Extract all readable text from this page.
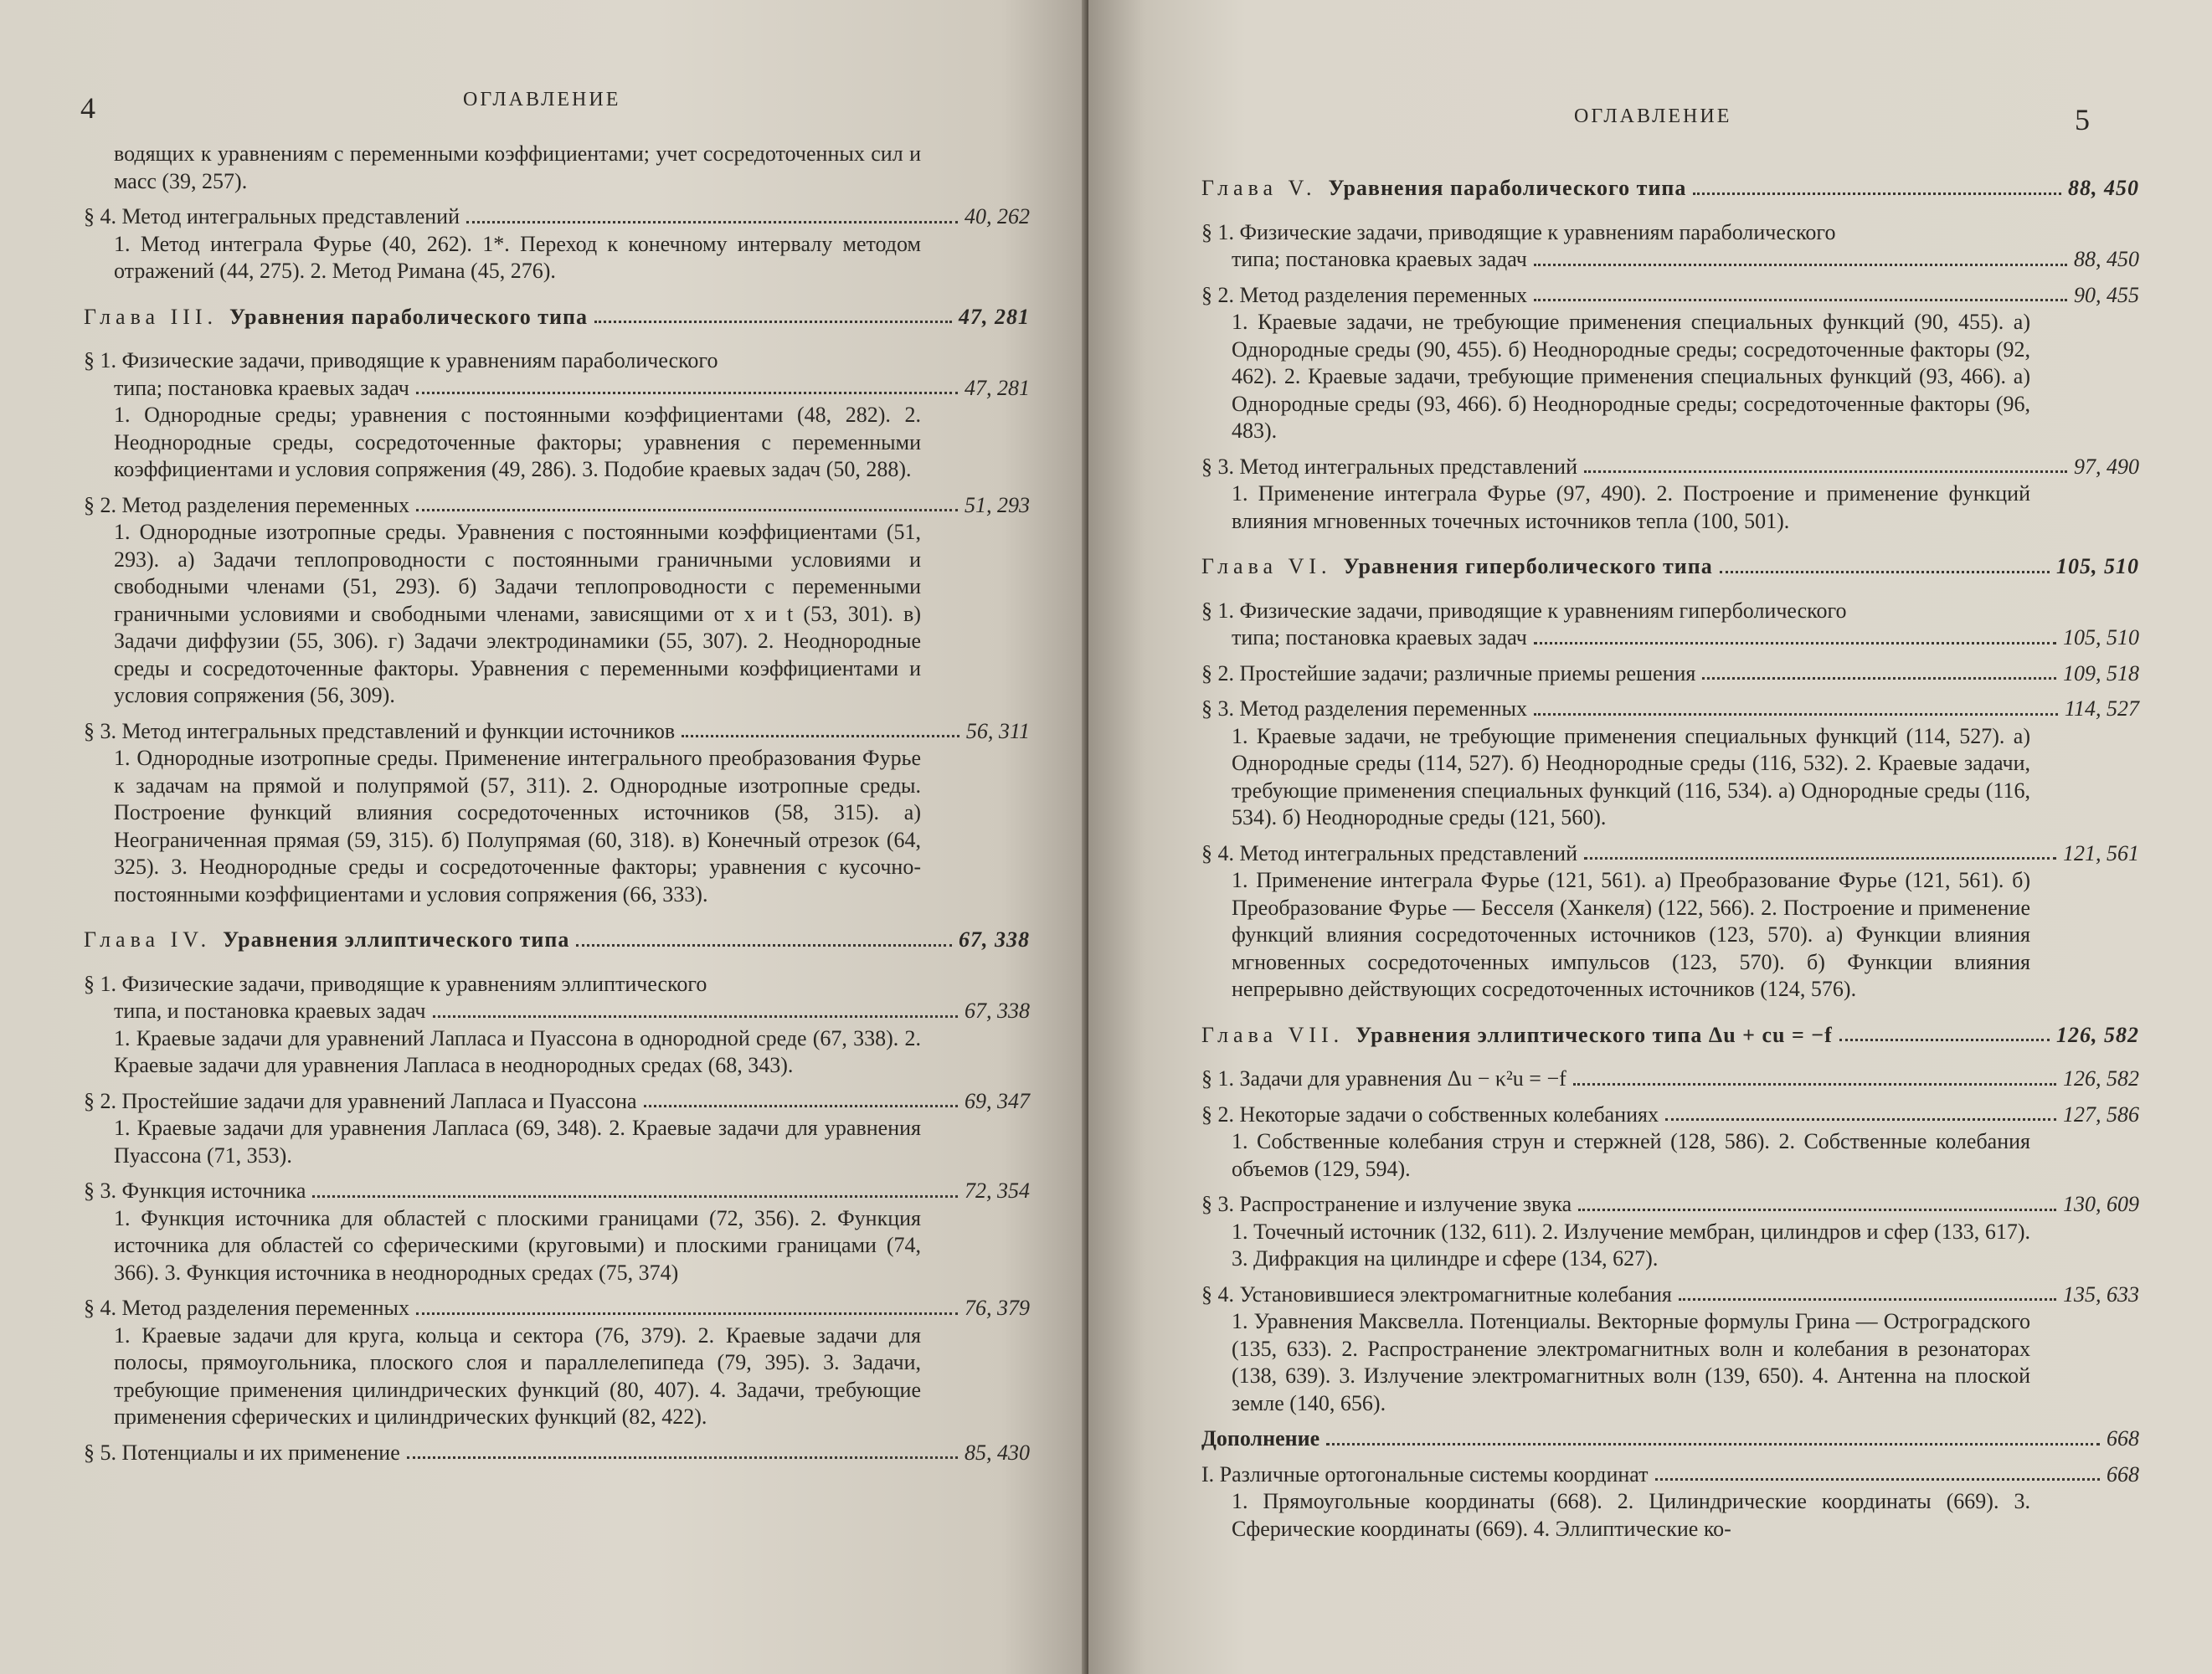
4	ОГЛАВЛЕНИЕ
водящих к уравнениям с переменными коэффициентами; учет сосредоточенных сил и масс (39, 257).
§ 4. Метод интегральных представлений	40, 262
1. Метод интеграла Фурье (40, 262). 1*. Переход к конечному интервалу методом отражений (44, 275). 2. Метод Римана (45, 276).
Глава III. Уравнения параболического типа	47, 281
§ 1. Физические задачи, приводящие к уравнениям параболического
типа; постановка краевых задач	47, 281
1. Однородные среды; уравнения с постоянными коэффициентами (48, 282). 2. Неоднородные среды, сосредоточенные факторы; уравнения с переменными коэффициентами и условия сопряжения (49, 286). 3. Подобие краевых задач (50, 288).
§ 2. Метод разделения переменных	51, 293
1. Однородные изотропные среды. Уравнения с постоянными коэффициентами (51, 293). а) Задачи теплопроводности с постоянными граничными условиями и свободными членами (51, 293). б) Задачи теплопроводности с переменными граничными условиями и свободными членами, зависящими от x и t (53, 301). в) Задачи диффузии (55, 306). г) Задачи электродинамики (55, 307). 2. Неоднородные среды и сосредоточенные факторы. Уравнения с переменными коэффициентами и условия сопряжения (56, 309).
§ 3. Метод интегральных представлений и функции источников	56, 311
1. Однородные изотропные среды. Применение интегрального преобразования Фурье к задачам на прямой и полупрямой (57, 311). 2. Однородные изотропные среды. Построение функций влияния сосредоточенных источников (58, 315). а) Неограниченная прямая (59, 315). б) Полупрямая (60, 318). в) Конечный отрезок (64, 325). 3. Неоднородные среды и сосредоточенные факторы; уравнения с кусочно-постоянными коэффициентами и условия сопряжения (66, 333).
Глава IV. Уравнения эллиптического типа	67, 338
§ 1. Физические задачи, приводящие к уравнениям эллиптического
типа, и постановка краевых задач	67, 338
1. Краевые задачи для уравнений Лапласа и Пуассона в однородной среде (67, 338). 2. Краевые задачи для уравнения Лапласа в неоднородных средах (68, 343).
§ 2. Простейшие задачи для уравнений Лапласа и Пуассона	69, 347
1. Краевые задачи для уравнения Лапласа (69, 348). 2. Краевые задачи для уравнения Пуассона (71, 353).
§ 3. Функция источника	72, 354
1. Функция источника для областей с плоскими границами (72, 356). 2. Функция источника для областей со сферическими (круговыми) и плоскими границами (74, 366). 3. Функция источника в неоднородных средах (75, 374)
§ 4. Метод разделения переменных	76, 379
1. Краевые задачи для круга, кольца и сектора (76, 379). 2. Краевые задачи для полосы, прямоугольника, плоского слоя и параллелепипеда (79, 395). 3. Задачи, требующие применения цилиндрических функций (80, 407). 4. Задачи, требующие применения сферических и цилиндрических функций (82, 422).
§ 5. Потенциалы и их применение	85, 430
ОГЛАВЛЕНИЕ	5
Глава V. Уравнения параболического типа	88, 450
§ 1. Физические задачи, приводящие к уравнениям параболического
типа; постановка краевых задач	88, 450
§ 2. Метод разделения переменных	90, 455
1. Краевые задачи, не требующие применения специальных функций (90, 455). а) Однородные среды (90, 455). б) Неоднородные среды; сосредоточенные факторы (92, 462). 2. Краевые задачи, требующие применения специальных функций (93, 466). а) Однородные среды (93, 466). б) Неоднородные среды; сосредоточенные факторы (96, 483).
§ 3. Метод интегральных представлений	97, 490
1. Применение интеграла Фурье (97, 490). 2. Построение и применение функций влияния мгновенных точечных источников тепла (100, 501).
Глава VI. Уравнения гиперболического типа	105, 510
§ 1. Физические задачи, приводящие к уравнениям гиперболического
типа; постановка краевых задач	105, 510
§ 2. Простейшие задачи; различные приемы решения	109, 518
§ 3. Метод разделения переменных	114, 527
1. Краевые задачи, не требующие применения специальных функций (114, 527). а) Однородные среды (114, 527). б) Неоднородные среды (116, 532). 2. Краевые задачи, требующие применения специальных функций (116, 534). а) Однородные среды (116, 534). б) Неоднородные среды (121, 560).
§ 4. Метод интегральных представлений	121, 561
1. Применение интеграла Фурье (121, 561). а) Преобразование Фурье (121, 561). б) Преобразование Фурье — Бесселя (Ханкеля) (122, 566). 2. Построение и применение функций влияния сосредоточенных источников (123, 570). а) Функции влияния мгновенных сосредоточенных импульсов (123, 570). б) Функции влияния непрерывно действующих сосредоточенных источников (124, 576).
Глава VII. Уравнения эллиптического типа Δu + cu = −f	126, 582
§ 1. Задачи для уравнения Δu − κ²u = −f	126, 582
§ 2. Некоторые задачи о собственных колебаниях	127, 586
1. Собственные колебания струн и стержней (128, 586). 2. Собственные колебания объемов (129, 594).
§ 3. Распространение и излучение звука	130, 609
1. Точечный источник (132, 611). 2. Излучение мембран, цилиндров и сфер (133, 617). 3. Дифракция на цилиндре и сфере (134, 627).
§ 4. Установившиеся электромагнитные колебания	135, 633
1. Уравнения Максвелла. Потенциалы. Векторные формулы Грина — Остроградского (135, 633). 2. Распространение электромагнитных волн и колебания в резонаторах (138, 639). 3. Излучение электромагнитных волн (139, 650). 4. Антенна на плоской земле (140, 656).
Дополнение	668
I. Различные ортогональные системы координат	668
1. Прямоугольные координаты (668). 2. Цилиндрические координаты (669). 3. Сферические координаты (669). 4. Эллиптические ко-
